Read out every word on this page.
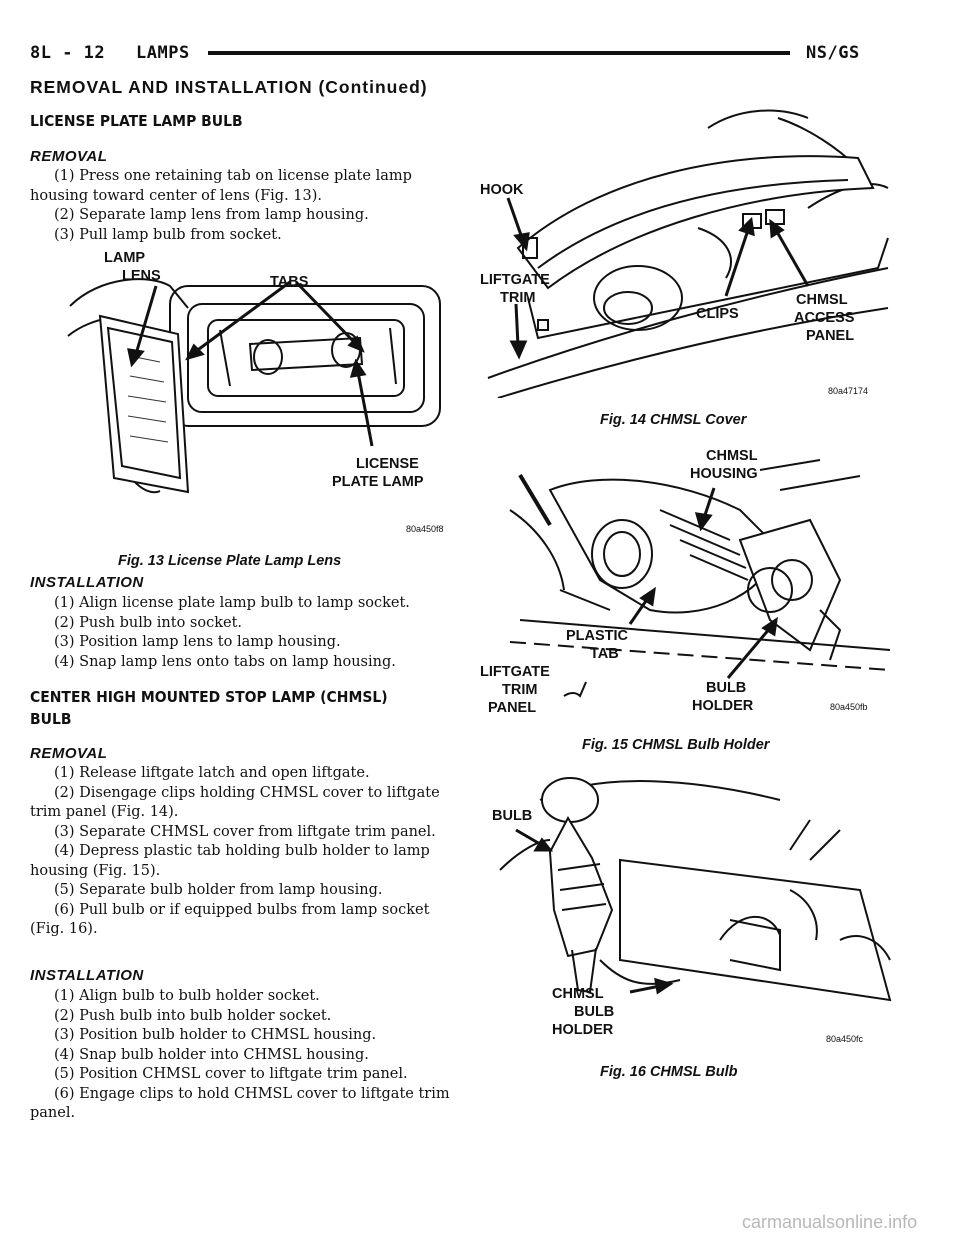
8L - 12 LAMPS	NS/GS
REMOVAL AND INSTALLATION (Continued)
LICENSE PLATE LAMP BULB
REMOVAL

(1) Press one retaining tab on license plate lamp housing toward center of lens (Fig. 13).

(2) Separate lamp lens from lamp housing.

(3) Pull lamp bulb from socket.

LAMP
LENS	TABS
LICENSE
PLATE LAMP
80a450f8
Fig. 13 License Plate Lamp Lens
INSTALLATION

(1) Align license plate lamp bulb to lamp socket.

(2) Push bulb into socket.

(3) Position lamp lens to lamp housing.

(4) Snap lamp lens onto tabs on lamp housing.

CENTER HIGH MOUNTED STOP LAMP (CHMSL)
BULB
REMOVAL

(1) Release liftgate latch and open liftgate.

(2) Disengage clips holding CHMSL cover to liftgate trim panel (Fig. 14).

(3) Separate CHMSL cover from liftgate trim panel.

(4) Depress plastic tab holding bulb holder to lamp housing (Fig. 15).

(5) Separate bulb holder from lamp housing.

(6) Pull bulb or if equipped bulbs from lamp socket (Fig. 16).

INSTALLATION

(1) Align bulb to bulb holder socket.

(2) Push bulb into bulb holder socket.

(3) Position bulb holder to CHMSL housing.

(4) Snap bulb holder into CHMSL housing.

(5) Position CHMSL cover to liftgate trim panel.

(6) Engage clips to hold CHMSL cover to liftgate trim panel.

HOOK
LIFTGATE
TRIM
CLIPS
CHMSL
ACCESS
PANEL
80a47174
Fig. 14 CHMSL Cover
CHMSL
HOUSING
PLASTIC
TAB
LIFTGATE
TRIM
PANEL
BULB
HOLDER	80a450fb
Fig. 15 CHMSL Bulb Holder
BULB
CHMSL
BULB
HOLDER
80a450fc
Fig. 16 CHMSL Bulb
carmanualsonline.info
